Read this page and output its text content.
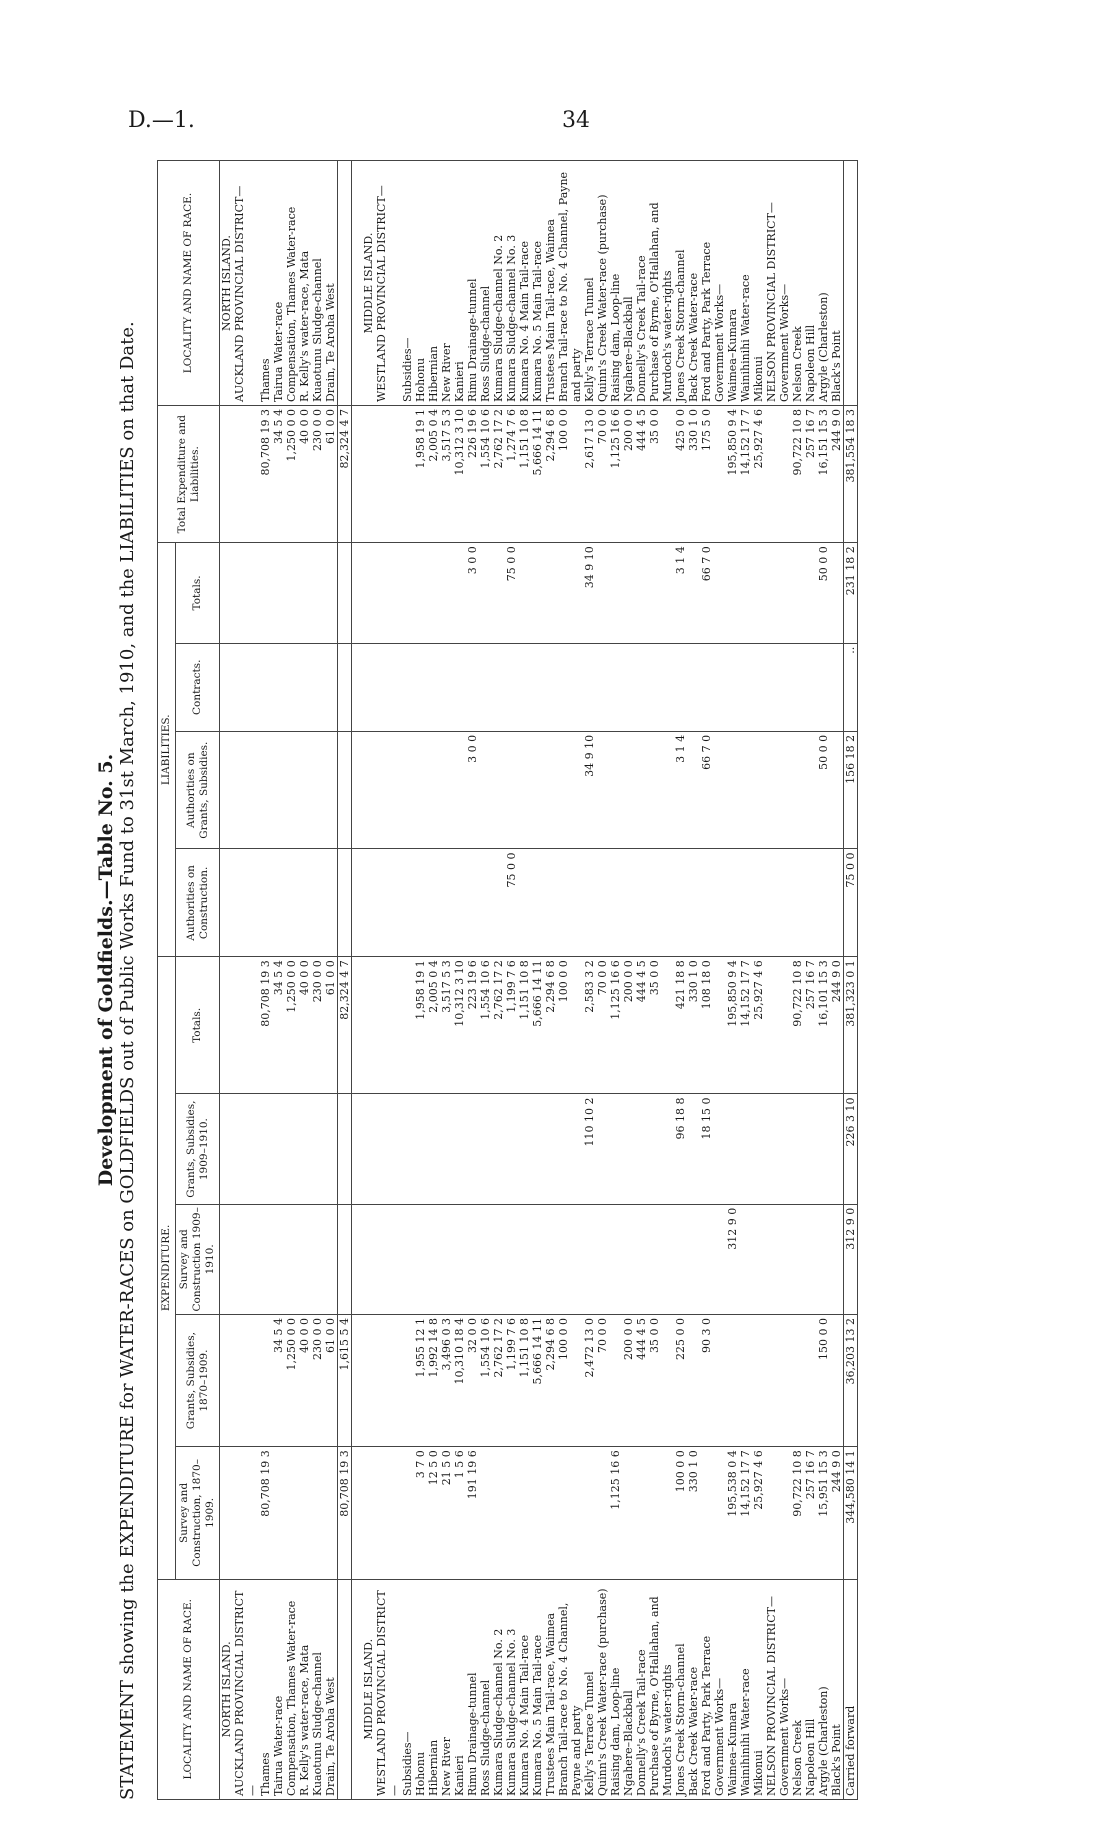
D.—1.	34
Development of Goldfields.—Table No. 5. STATEMENT showing the EXPENDITURE for WATER-RACES on GOLDFIELDS out of Public Works Fund to 31st March, 1910, and the LIABILITIES on that Date.	LOCALITY AND NAME OF RACE.	EXPENDITURE.					LIABILITIES.				Total Expenditure and Liabilities.	LOCALITY AND NAME OF RACE.
	Survey and Construction, 1870–1909.	Grants, Subsidies, 1870–1909.	Survey and Construction 1909–1910.	Grants, Subsidies, 1909–1910.	Totals.	Authorities on Construction.	Authorities on Grants, Subsidies.	Contracts.	Totals.		
NORTH ISLAND.											NORTH ISLAND.
AUCKLAND PROVINCIAL DISTRICT—											AUCKLAND PROVINCIAL DISTRICT—
Thames	80,708 19 3				80,708 19 3					80,708 19 3	Thames
Tairua Water-race		34 5 4			34 5 4					34 5 4	Tairua Water-race
Compensation, Thames Water-race		1,250 0 0			1,250 0 0					1,250 0 0	Compensation, Thames Water-race
R. Kelly's water-race, Mata		40 0 0			40 0 0					40 0 0	R. Kelly's water-race, Mata
Kuaotunu Sludge-channel		230 0 0			230 0 0					230 0 0	Kuaotunu Sludge-channel
Drain, Te Aroha West		61 0 0			61 0 0					61 0 0	Drain, Te Aroha West
	80,708 19 3	1,615 5 4			82,324 4 7					82,324 4 7	

MIDDLE ISLAND.											MIDDLE ISLAND.
WESTLAND PROVINCIAL DISTRICT—											WESTLAND PROVINCIAL DISTRICT—
Subsidies—											Subsidies—
Hohonu	3 7 0	1,955 12 1			1,958 19 1					1,958 19 1	Hohonu
Hibernian	12 5 0	1,992 14 8			2,005 0 4					2,005 0 4	Hibernian
New River	21 5 0	3,496 0 3			3,517 5 3					3,517 5 3	New River
Kanieri	1 5 6	10,310 18 4			10,312 3 10					10,312 3 10	Kanieri
Rimu Drainage-tunnel	191 19 6	32 0 0			223 19 6		3 0 0		3 0 0	226 19 6	Rimu Drainage-tunnel
Ross Sludge-channel		1,554 10 6			1,554 10 6					1,554 10 6	Ross Sludge-channel
Kumara Sludge-channel No. 2		2,762 17 2			2,762 17 2					2,762 17 2	Kumara Sludge-channel No. 2
Kumara Sludge-channel No. 3		1,199 7 6			1,199 7 6	75 0 0			75 0 0	1,274 7 6	Kumara Sludge-channel No. 3
Kumara No. 4 Main Tail-race		1,151 10 8			1,151 10 8					1,151 10 8	Kumara No. 4 Main Tail-race
Kumara No. 5 Main Tail-race		5,666 14 11			5,666 14 11					5,666 14 11	Kumara No. 5 Main Tail-race
Trustees Main Tail-race, Waimea		2,294 6 8			2,294 6 8					2,294 6 8	Trustees Main Tail-race, Waimea
Branch Tail-race to No. 4 Channel, Payne and party		100 0 0			100 0 0					100 0 0	Branch Tail-race to No. 4 Channel, Payne and party
Kelly's Terrace Tunnel		2,472 13 0		110 10 2	2,583 3 2		34 9 10		34 9 10	2,617 13 0	Kelly's Terrace Tunnel
Quinn's Creek Water-race (purchase)		70 0 0			70 0 0					70 0 0	Quinn's Creek Water-race (purchase)
Raising dam, Loop-line	1,125 16 6				1,125 16 6					1,125 16 6	Raising dam, Loop-line
Ngahere–Blackball		200 0 0			200 0 0					200 0 0	Ngahere–Blackball
Donnelly's Creek Tail-race		444 4 5			444 4 5					444 4 5	Donnelly's Creek Tail-race
Purchase of Byrne, O'Hallahan, and Murdoch's water-rights		35 0 0			35 0 0					35 0 0	Purchase of Byrne, O'Hallahan, and Murdoch's water-rights
Jones Creek Storm-channel	100 0 0	225 0 0		96 18 8	421 18 8		3 1 4		3 1 4	425 0 0	Jones Creek Storm-channel
Back Creek Water-race	330 1 0				330 1 0					330 1 0	Back Creek Water-race
Ford and Party, Park Terrace		90 3 0		18 15 0	108 18 0		66 7 0		66 7 0	175 5 0	Ford and Party, Park Terrace
Government Works—											Government Works—
Waimea–Kumara	195,538 0 4		312 9 0		195,850 9 4					195,850 9 4	Waimea–Kumara
Wainihinihi Water-race	14,152 17 7				14,152 17 7					14,152 17 7	Wainihinihi Water-race
Mikonui	25,927 4 6				25,927 4 6					25,927 4 6	Mikonui
NELSON PROVINCIAL DISTRICT—											NELSON PROVINCIAL DISTRICT—
Government Works—											Government Works—
Nelson Creek	90,722 10 8				90,722 10 8					90,722 10 8	Nelson Creek
Napoleon Hill	257 16 7				257 16 7					257 16 7	Napoleon Hill
Argyle (Charleston)	15,951 15 3	150 0 0			16,101 15 3		50 0 0		50 0 0	16,151 15 3	Argyle (Charleston)
Black's Point	244 9 0				244 9 0					244 9 0	Black's Point
Carried forward	344,580 14 1	36,203 13 2	312 9 0	226 3 10	381,323 0 1	75 0 0	156 18 2	..	231 18 2	381,554 18 3	
